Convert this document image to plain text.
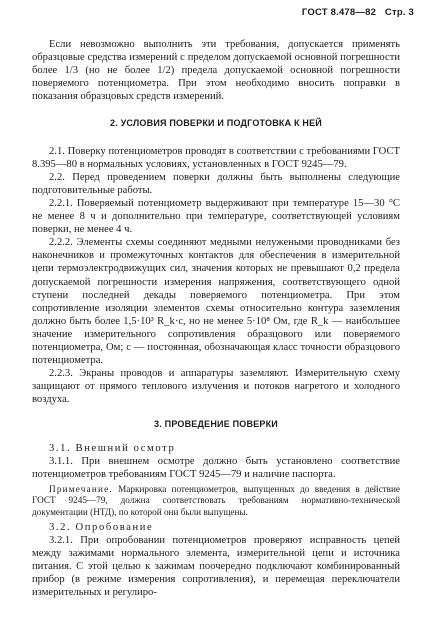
ГОСТ 8.478—82 Стр. 3

Если невозможно выполнить эти требования, допускается применять образцовые средства измерений с пределом допускаемой основной погрешности более 1/3 (но не более 1/2) предела допускаемой основной погрешности поверяемого потенциометра. При этом необходимо вносить поправки в показания образцовых средств измерений.

2. УСЛОВИЯ ПОВЕРКИ И ПОДГОТОВКА К НЕЙ

2.1. Поверку потенциометров проводят в соответствии с требованиями ГОСТ 8.395—80 в нормальных условиях, установленных в ГОСТ 9245—79.

2.2. Перед проведением поверки должны быть выполнены следующие подготовительные работы.

2.2.1. Поверяемый потенциометр выдерживают при температуре 15—30 °С не менее 8 ч и дополнительно при температуре, соответствующей условиям поверки, не менее 4 ч.

2.2.2. Элементы схемы соединяют медными нелужеными проводниками без наконечников и промежуточных контактов для обеспечения в измерительной цепи термоэлектродвижущих сил, значения которых не превышают 0,2 предела допускаемой погрешности измерения напряжения, соответствующего одной ступени последней декады поверяемого потенциометра. При этом сопротивление изоляции элементов схемы относительно контура заземления должно быть более 1,5·10³ R_k·c, но не менее 5·10⁸ Ом, где R_k — наибольшее значение измерительного сопротивления образцового или поверяемого потенциометра, Ом; c — постоянная, обозначающая класс точности образцового потенциометра.

2.2.3. Экраны проводов и аппаратуры заземляют. Измерительную схему защищают от прямого теплового излучения и потоков нагретого и холодного воздуха.

3. ПРОВЕДЕНИЕ ПОВЕРКИ

3.1. Внешний осмотр

3.1.1. При внешнем осмотре должно быть установлено соответствие потенциометров требованиям ГОСТ 9245—79 и наличие паспорта.

Примечание. Маркировка потенциометров, выпущенных до введения в действие ГОСТ 9245—79, должна соответствовать требованиям нормативно-технической документации (НТД), по которой они были выпущены.

3.2. Опробование

3.2.1. При опробовании потенциометров проверяют исправность цепей между зажимами нормального элемента, измерительной цепи и источника питания. С этой целью к зажимам поочередно подключают комбинированный прибор (в режиме измерения сопротивления), и перемещая переключатели измерительных и регулиро-
